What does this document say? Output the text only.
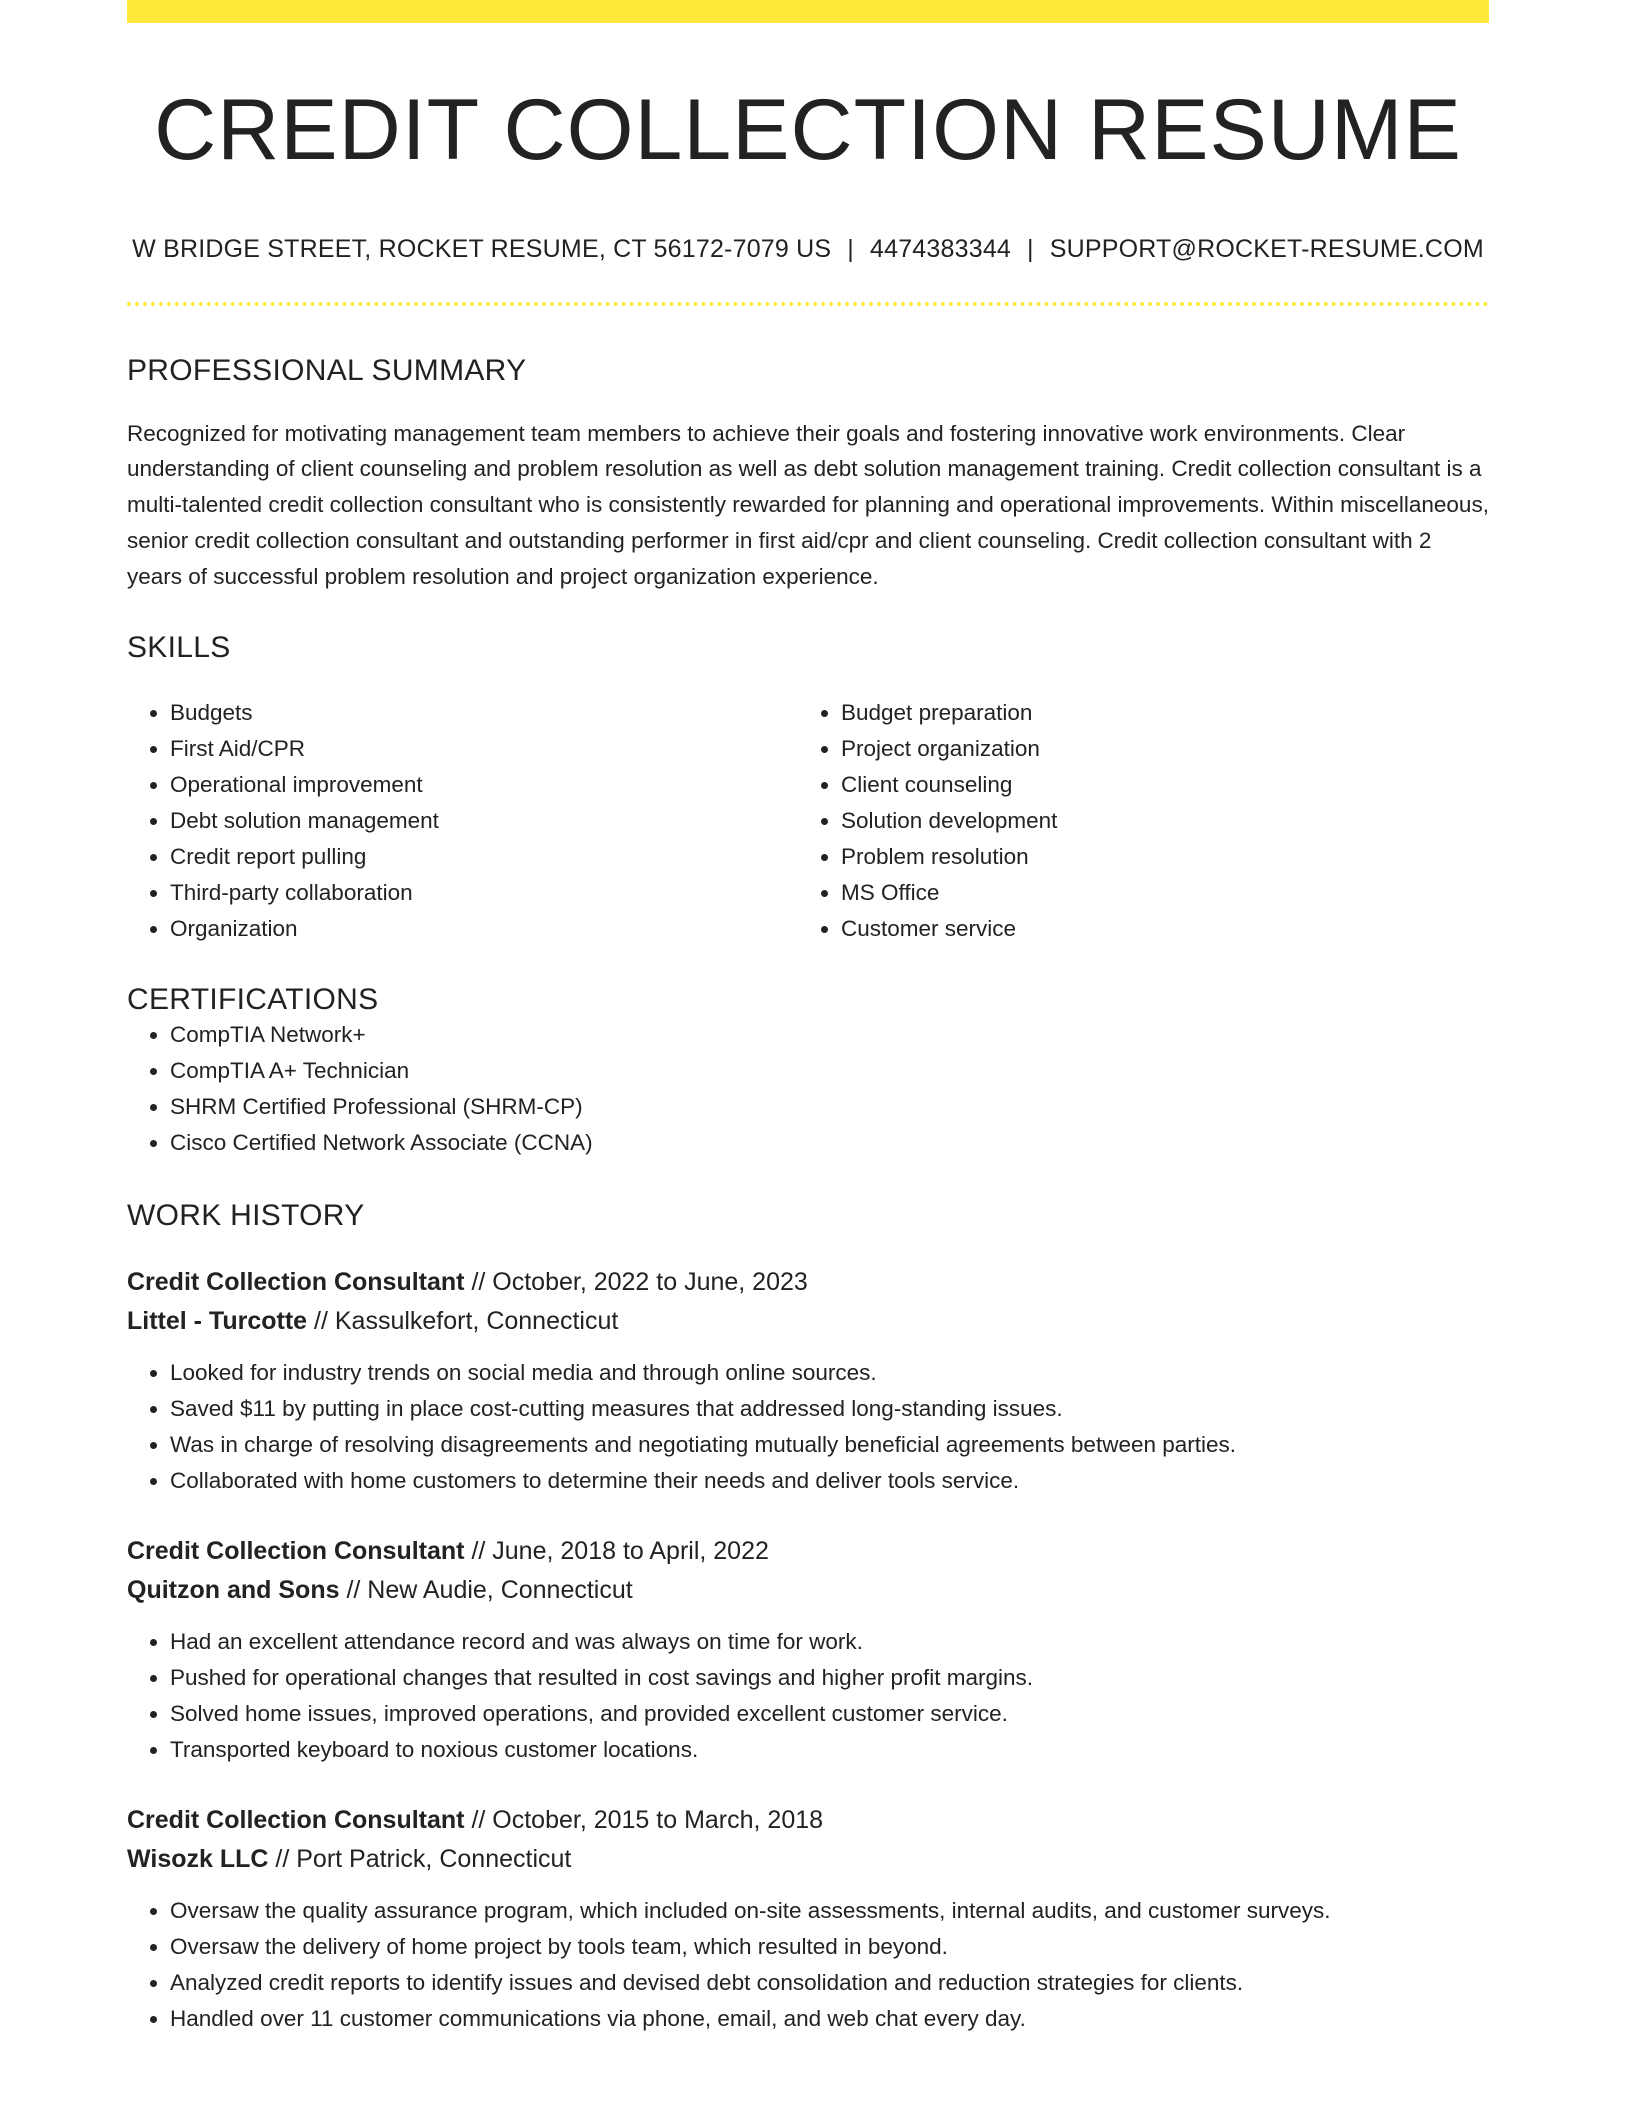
CREDIT COLLECTION RESUME
W BRIDGE STREET, ROCKET RESUME, CT 56172-7079 US | 4474383344 | SUPPORT@ROCKET-RESUME.COM
PROFESSIONAL SUMMARY

Recognized for motivating management team members to achieve their goals and fostering innovative work environments. Clear understanding of client counseling and problem resolution as well as debt solution management training. Credit collection consultant is a multi-talented credit collection consultant who is consistently rewarded for planning and operational improvements. Within miscellaneous, senior credit collection consultant and outstanding performer in first aid/cpr and client counseling. Credit collection consultant with 2 years of successful problem resolution and project organization experience.

SKILLS
• Budgets
• First Aid/CPR
• Operational improvement
• Debt solution management
• Credit report pulling
• Third-party collaboration
• Organization
• Budget preparation
• Project organization
• Client counseling
• Solution development
• Problem resolution
• MS Office
• Customer service
CERTIFICATIONS
• CompTIA Network+
• CompTIA A+ Technician
• SHRM Certified Professional (SHRM-CP)
• Cisco Certified Network Associate (CCNA)
WORK HISTORY
Credit Collection Consultant // October, 2022 to June, 2023
Littel - Turcotte // Kassulkefort, Connecticut
• Looked for industry trends on social media and through online sources.
• Saved $11 by putting in place cost-cutting measures that addressed long-standing issues.
• Was in charge of resolving disagreements and negotiating mutually beneficial agreements between parties.
• Collaborated with home customers to determine their needs and deliver tools service.
Credit Collection Consultant // June, 2018 to April, 2022
Quitzon and Sons // New Audie, Connecticut
• Had an excellent attendance record and was always on time for work.
• Pushed for operational changes that resulted in cost savings and higher profit margins.
• Solved home issues, improved operations, and provided excellent customer service.
• Transported keyboard to noxious customer locations.
Credit Collection Consultant // October, 2015 to March, 2018
Wisozk LLC // Port Patrick, Connecticut
• Oversaw the quality assurance program, which included on-site assessments, internal audits, and customer surveys.
• Oversaw the delivery of home project by tools team, which resulted in beyond.
• Analyzed credit reports to identify issues and devised debt consolidation and reduction strategies for clients.
• Handled over 11 customer communications via phone, email, and web chat every day.
